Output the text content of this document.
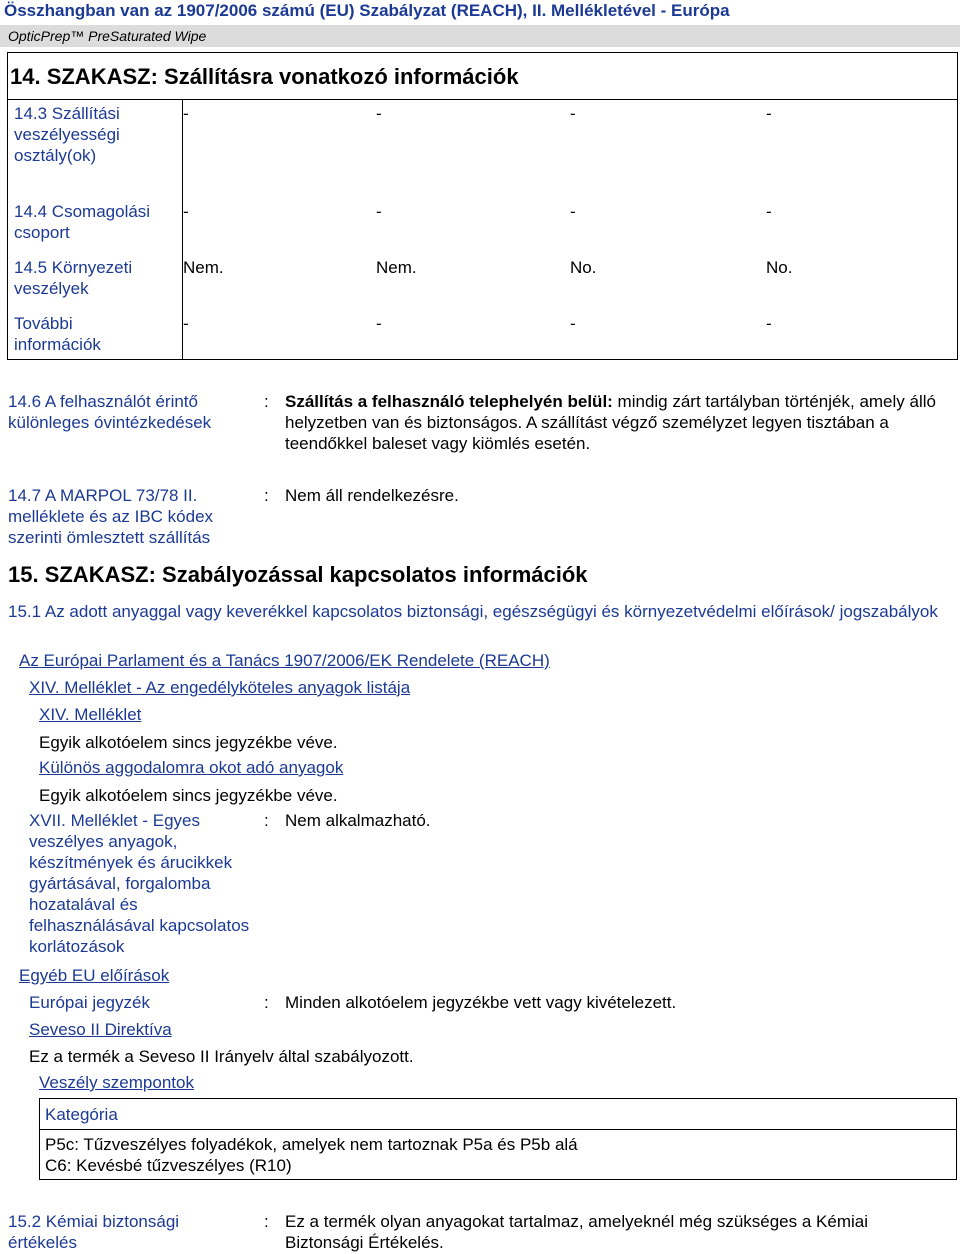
Összhangban van az 1907/2006 számú (EU) Szabályzat (REACH), II. Mellékletével - Európa
OpticPrep™ PreSaturated Wipe
14. SZAKASZ: Szállításra vonatkozó információk
14.3 Szállítási veszélyességi osztály(ok)
-	-	-	-
14.4 Csomagolási csoport
-	-	-	-
14.5 Környezeti veszélyek
Nem.	Nem.	No.	No.
További információk
-	-	-	-
14.6 A felhasználót érintő különleges óvintézkedések
: Szállítás a felhasználó telephelyén belül: mindig zárt tartályban történjék, amely álló helyzetben van és biztonságos. A szállítást végző személyzet legyen tisztában a teendőkkel baleset vagy kiömlés esetén.
14.7 A MARPOL 73/78 II. melléklete és az IBC kódex szerinti ömlesztett szállítás
: Nem áll rendelkezésre.
15. SZAKASZ: Szabályozással kapcsolatos információk
15.1 Az adott anyaggal vagy keverékkel kapcsolatos biztonsági, egészségügyi és környezetvédelmi előírások/ jogszabályok
Az Európai Parlament és a Tanács 1907/2006/EK Rendelete (REACH)
XIV. Melléklet - Az engedélyköteles anyagok listája
XIV. Melléklet
Egyik alkotóelem sincs jegyzékbe véve.
Különös aggodalomra okot adó anyagok
Egyik alkotóelem sincs jegyzékbe véve.
XVII. Melléklet - Egyes veszélyes anyagok, készítmények és árucikkek gyártásával, forgalomba hozatalával és felhasználásával kapcsolatos korlátozások
: Nem alkalmazható.
Egyéb EU előírások
Európai jegyzék	: Minden alkotóelem jegyzékbe vett vagy kivételezett.
Seveso II Direktíva
Ez a termék a Seveso II Irányelv által szabályozott.
Veszély szempontok
Kategória
P5c: Tűzveszélyes folyadékok, amelyek nem tartoznak P5a és P5b alá
C6: Kevésbé tűzveszélyes (R10)
15.2 Kémiai biztonsági értékelés
: Ez a termék olyan anyagokat tartalmaz, amelyeknél még szükséges a Kémiai Biztonsági Értékelés.
